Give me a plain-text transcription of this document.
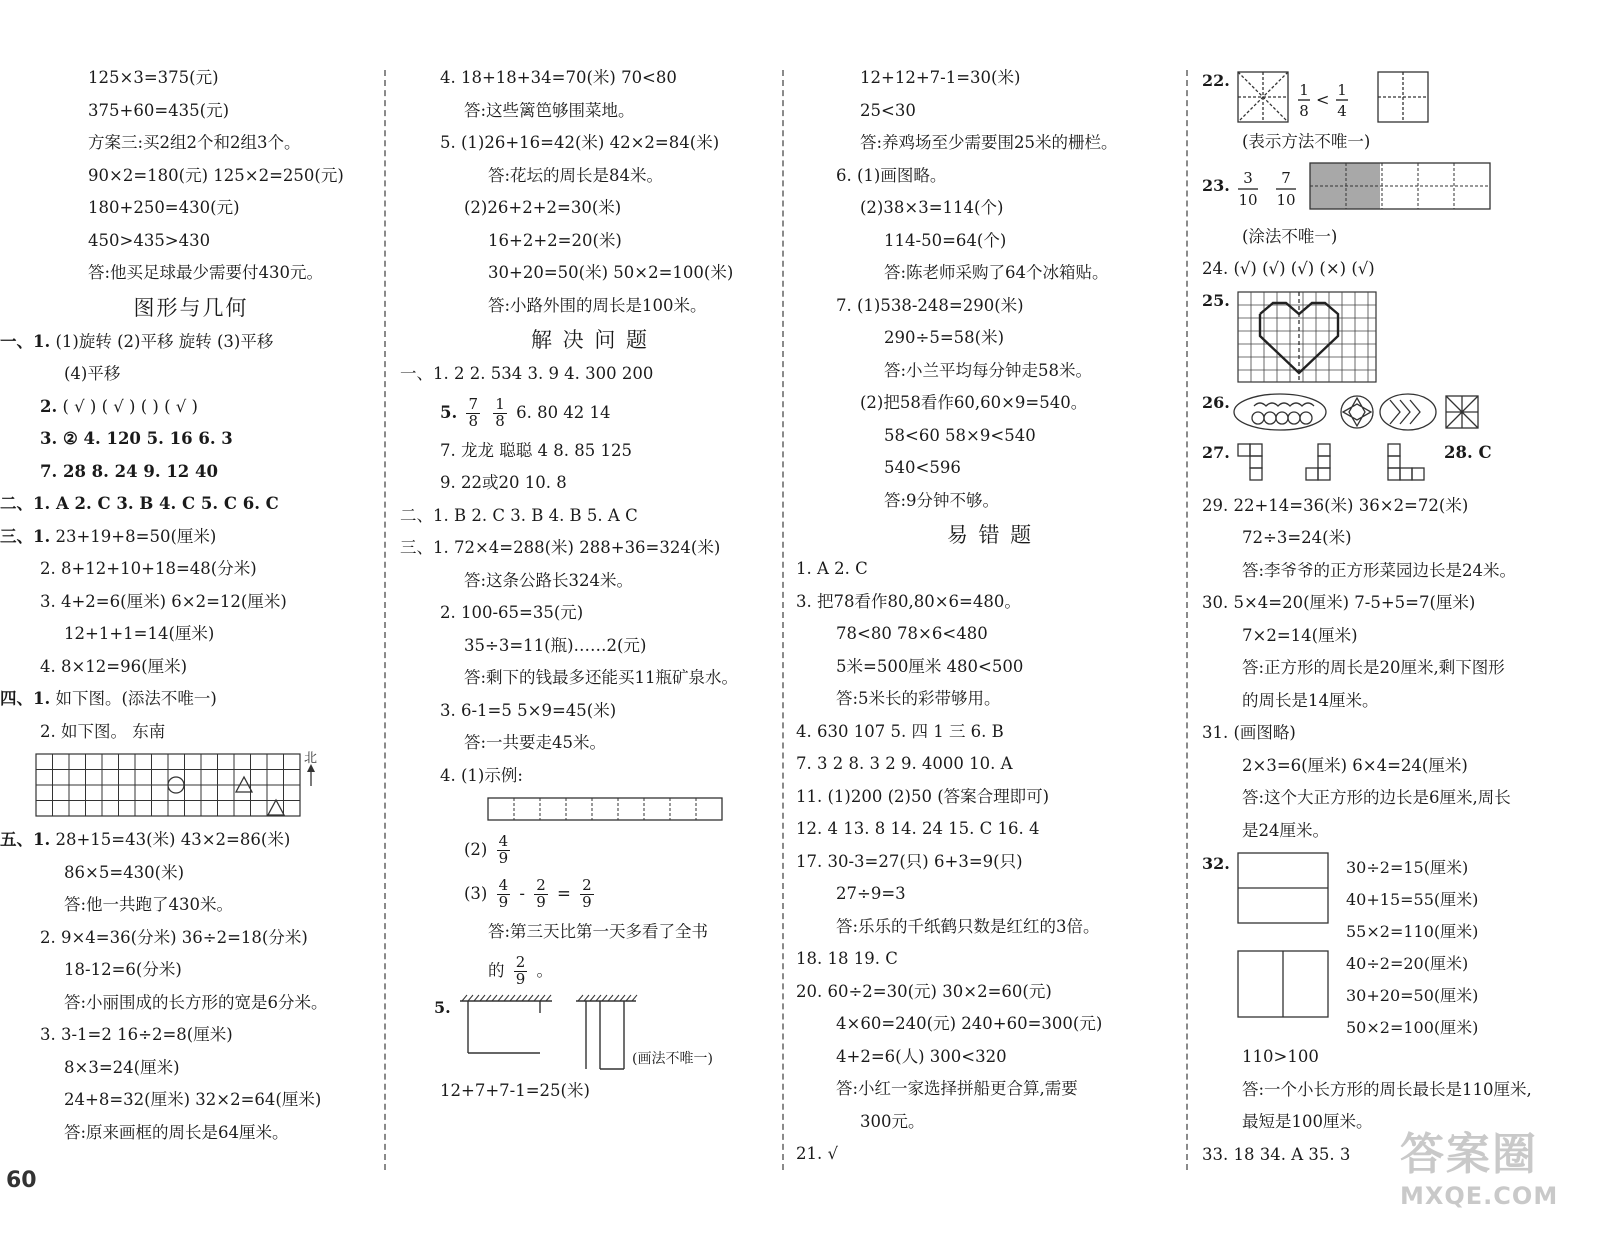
125×3=375(元)
375+60=435(元)
方案三:买2组2个和2组3个。
90×2=180(元) 125×2=250(元)
180+250=430(元)
450>435>430
答:他买足球最少需要付430元。
图形与几何
一、1. (1)旋转 (2)平移 旋转 (3)平移
(4)平移
2. ( √ ) ( √ ) ( ) ( √ )
3. ② 4. 120 5. 16 6. 3
7. 28 8. 24 9. 12 40
二、1. A 2. C 3. B 4. C 5. C 6. C
三、1. 23+19+8=50(厘米)
2. 8+12+10+18=48(分米)
3. 4+2=6(厘米) 6×2=12(厘米)
12+1+1=14(厘米)
4. 8×12=96(厘米)
四、1. 如下图。(添法不唯一)
2. 如下图。 东南
北
五、1. 28+15=43(米) 43×2=86(米)
86×5=430(米)
答:他一共跑了430米。
2. 9×4=36(分米) 36÷2=18(分米)
18-12=6(分米)
答:小丽围成的长方形的宽是6分米。
3. 3-1=2 16÷2=8(厘米)
8×3=24(厘米)
24+8=32(厘米) 32×2=64(厘米)
答:原来画框的周长是64厘米。
4. 18+18+34=70(米) 70<80
答:这些篱笆够围菜地。
5. (1)26+16=42(米) 42×2=84(米)
答:花坛的周长是84米。
(2)26+2+2=30(米)
16+2+2=20(米)
30+20=50(米) 50×2=100(米)
答:小路外围的周长是100米。
解 决 问 题
一、1. 2 2. 534 3. 9 4. 300 200
5. $\frac{7}{8}$
$\frac{1}{8} 6$. 80 42 14
7. 龙龙 聪聪 4 8. 85 125
9. 22或20 10. 8
二、1. B 2. C 3. B 4. B 5. A C
三、1. 72×4=288(米) 288+36=324(米)
答:这条公路长324米。
2. 100-65=35(元)
35÷3=11(瓶)……2(元)
答:剩下的钱最多还能买11瓶矿泉水。
3. 6-1=5 5×9=45(米)
答:一共要走45米。
4. (1)示例:
$(2) \frac{4}{9}$
$(3) \frac{4}{9} - \frac{2}{9} = \frac{2}{9}$
答:第三天比第一天多看了全书
的 $\frac{2}{9}$ 。
5.
(画法不唯一)
12+7+7-1=25(米)
12+12+7-1=30(米)
25<30
答:养鸡场至少需要围25米的栅栏。
6. (1)画图略。
(2)38×3=114(个)
114-50=64(个)
答:陈老师采购了64个冰箱贴。
7. (1)538-248=290(米)
290÷5=58(米)
答:小兰平均每分钟走58米。
(2)把58看作60,60×9=540。
58<60 58×9<540
540<596
答:9分钟不够。
易 错 题
1. A 2. C
3. 把78看作80,80×6=480。
78<80 78×6<480
5米=500厘米 480<500
答:5米长的彩带够用。
4. 630 107 5. 四 1 三 6. B
7. 3 2 8. 3 2 9. 4000 10. A
11. (1)200 (2)50 (答案合理即可)
12. 4 13. 8 14. 24 15. C 16. 4
17. 30-3=27(只) 6+3=9(只)
27÷9=3
答:乐乐的千纸鹤只数是红红的3倍。
18. 18 19. C
20. 60÷2=30(元) 30×2=60(元)
4×60=240(元) 240+60=300(元)
4+2=6(人) 300<320
答:小红一家选择拼船更合算,需要
300元。
21. √
22.	1
8
< 1
4
(表示方法不唯一)
23. 3
10
7
10
(涂法不唯一)
24. (√) (√) (√) (×) (√)
25.
26.
27.	28. C
29. 22+14=36(米) 36×2=72(米)
72÷3=24(米)
答:李爷爷的正方形菜园边长是24米。
30. 5×4=20(厘米) 7-5+5=7(厘米)
7×2=14(厘米)
答:正方形的周长是20厘米,剩下图形
的周长是14厘米。
31. (画图略)
2×3=6(厘米) 6×4=24(厘米)
答:这个大正方形的边长是6厘米,周长
是24厘米。
32.	30÷2=15(厘米)
40+15=55(厘米)
55×2=110(厘米)
40÷2=20(厘米)
30+20=50(厘米)
50×2=100(厘米)
110>100
答:一个小长方形的周长最长是110厘米,
最短是100厘米。
33. 18 34. A 35. 3
60
答案圈
MXQE.COM
